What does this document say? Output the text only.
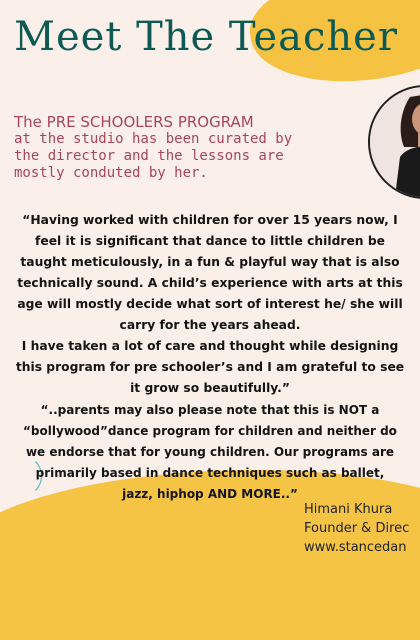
Meet The Teacher

The PRE SCHOOLERS PROGRAM
at the studio has been curated by
the director and the lessons are
mostly conduted by her.

“Having worked with children for over 15 years now, I
feel it is significant that dance to little children be
taught meticulously, in a fun & playful way that is also
technically sound. A child’s experience with arts at this
age will mostly decide what sort of interest he/ she will
carry for the years ahead.
I have taken a lot of care and thought while designing
this program for pre schooler’s and I am grateful to see
it grow so beautifully.”

“..parents may also please note that this is NOT a
“bollywood”dance program for children and neither do
we endorse that for young children. Our programs are
primarily based in dance techniques such as ballet,
jazz, hiphop AND MORE..”

Himani Khura
Founder & Direc
www.stancedan
